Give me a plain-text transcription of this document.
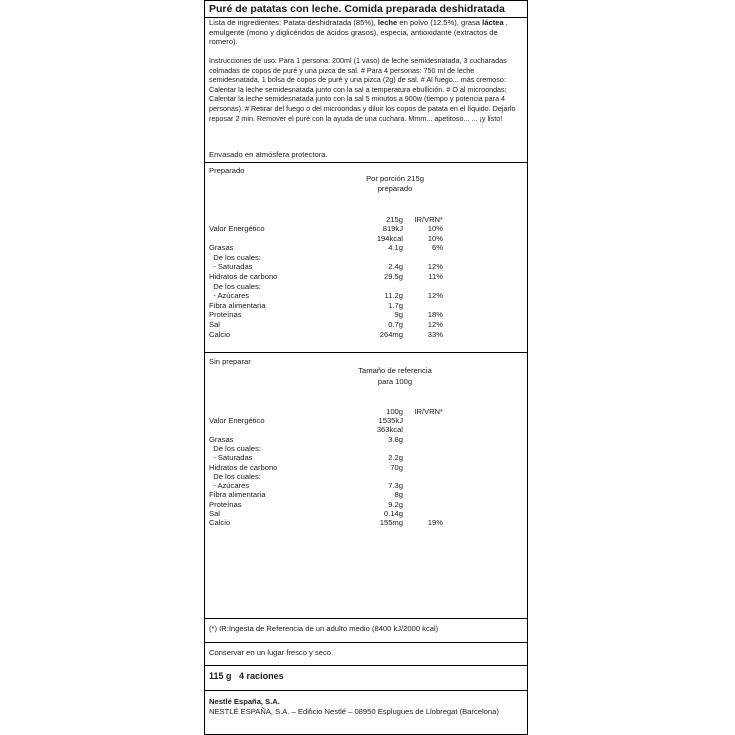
Puré de patatas con leche. Comida preparada deshidratada

Lista de ingredientes: Patata deshidratada (85%), leche en polvo (12.5%), grasa láctea , emulgente (mono y diglicéridos de ácidos grasos), especia, antioxidante (extractos de romero).

Instrucciones de uso: Para 1 persona: 200ml (1 vaso) de leche semidesnatada, 3 cucharadas colmadas de copos de puré y una pizca de sal. # Para 4 personas: 750 ml de leche semidesnatada, 1 bolsa de copos de puré y una pizca (2g) de sal. # Al fuego... más cremoso: Calentar la leche semidesnatada junto con la sal a temperatura ebullición. # O al microondas: Calentar la leche semidesnatada junto con la sal 5 minutos a 900w (tiempo y potencia para 4 personas). # Retirar del fuego o del microondas y diluir los copos de patata en el líquido. Dejarlo reposar 2 min. Remover el puré con la ayuda de una cuchara. Mmm... apetitoso... ... ¡y listo!

Envasado en atmósfera protectora.

Preparado
Por porción 215g
preparado
215g	IR/VRN*
Valor Energético	819kJ	10%
194kcal	10%
Grasas	4.1g	6%
De los cuales:
- Saturadas	2.4g	12%
Hidratos de carbono	29.5g	11%
De los cuales:
- Azúcares	11.2g	12%
Fibra alimentaria	1.7g
Proteínas	9g	18%
Sal	0.7g	12%
Calcio	264mg	33%
Sin preparar
Tamaño de referencia
para 100g
100g	IR/VRN*
Valor Energético	1535kJ
363kcal
Grasas	3.8g
De los cuales:
- Saturadas	2.2g
Hidratos de carbono	70g
De los cuales:
- Azúcares	7.3g
Fibra alimentaria	8g
Proteínas	9.2g
Sal	0.14g
Calcio	155mg	19%
(*) IR:Ingesta de Referencia de un adulto medio (8400 kJ/2000 kcal)
Conservar en un lugar fresco y seco.
115 g 4 raciones
Nestlé España, S.A.

NESTLÉ ESPAÑA, S.A. – Edificio Nestlé – 08950 Esplugues de Llobregat (Barcelona)
